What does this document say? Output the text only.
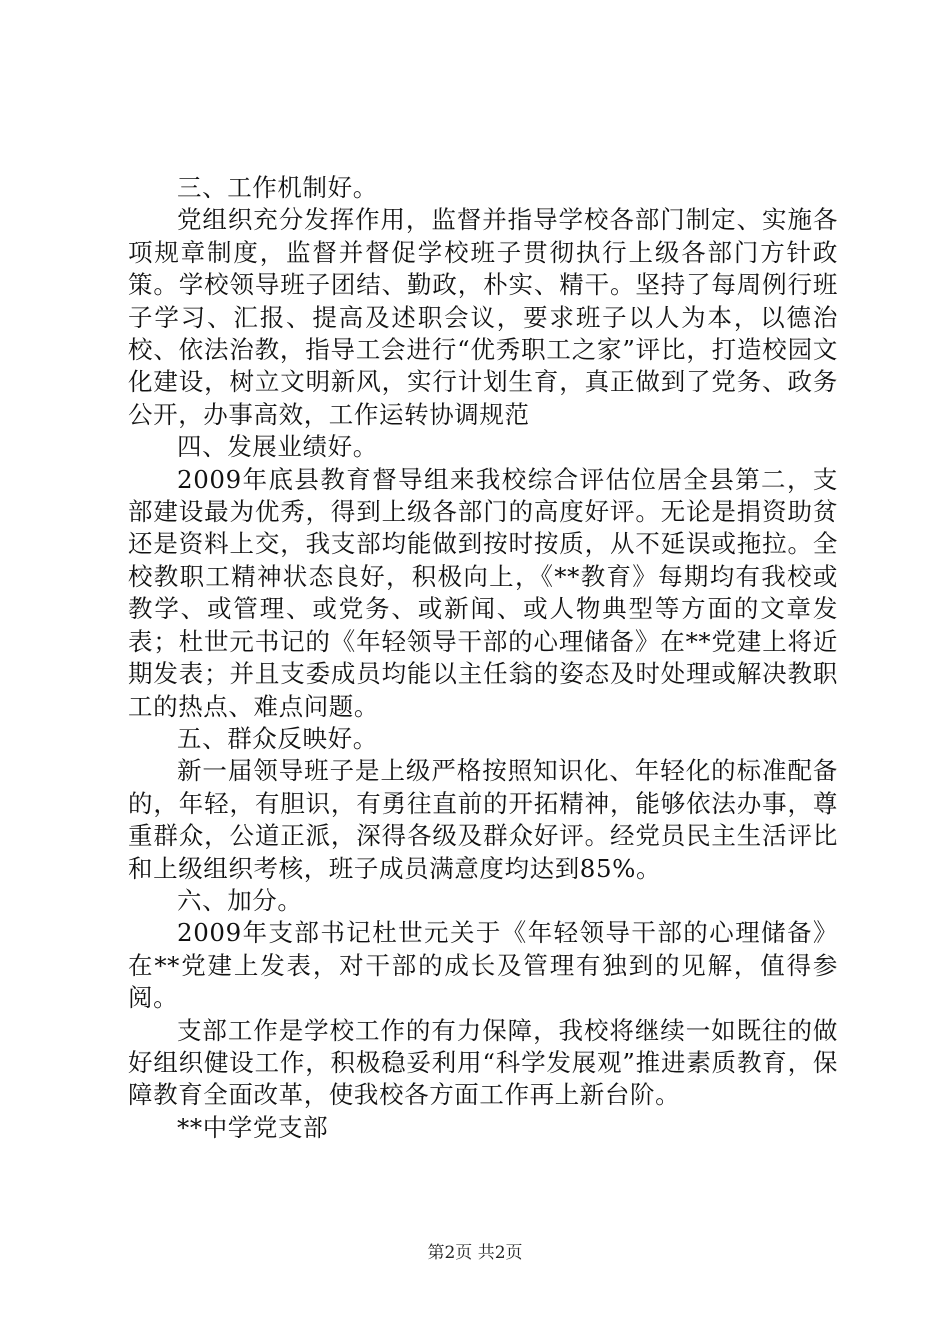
三、工作机制好。

党组织充分发挥作用，监督并指导学校各部门制定、实施各项规章制度，监督并督促学校班子贯彻执行上级各部门方针政策。学校领导班子团结、勤政，朴实、精干。坚持了每周例行班子学习、汇报、提高及述职会议，要求班子以人为本，以德治校、依法治教，指导工会进行“优秀职工之家”评比，打造校园文化建设，树立文明新风，实行计划生育，真正做到了党务、政务公开，办事高效，工作运转协调规范

四、发展业绩好。

2009年底县教育督导组来我校综合评估位居全县第二，支部建设最为优秀，得到上级各部门的高度好评。无论是捐资助贫还是资料上交，我支部均能做到按时按质，从不延误或拖拉。全校教职工精神状态良好，积极向上，《**教育》每期均有我校或教学、或管理、或党务、或新闻、或人物典型等方面的文章发表；杜世元书记的《年轻领导干部的心理储备》在**党建上将近期发表；并且支委成员均能以主任翁的姿态及时处理或解决教职工的热点、难点问题。

五、群众反映好。

新一届领导班子是上级严格按照知识化、年轻化的标准配备的，年轻，有胆识，有勇往直前的开拓精神，能够依法办事，尊重群众，公道正派，深得各级及群众好评。经党员民主生活评比和上级组织考核，班子成员满意度均达到85%。

六、加分。

2009年支部书记杜世元关于《年轻领导干部的心理储备》在**党建上发表，对干部的成长及管理有独到的见解，值得参阅。

支部工作是学校工作的有力保障，我校将继续一如既往的做好组织健设工作，积极稳妥利用“科学发展观”推进素质教育，保障教育全面改革，使我校各方面工作再上新台阶。

**中学党支部

第2页 共2页
